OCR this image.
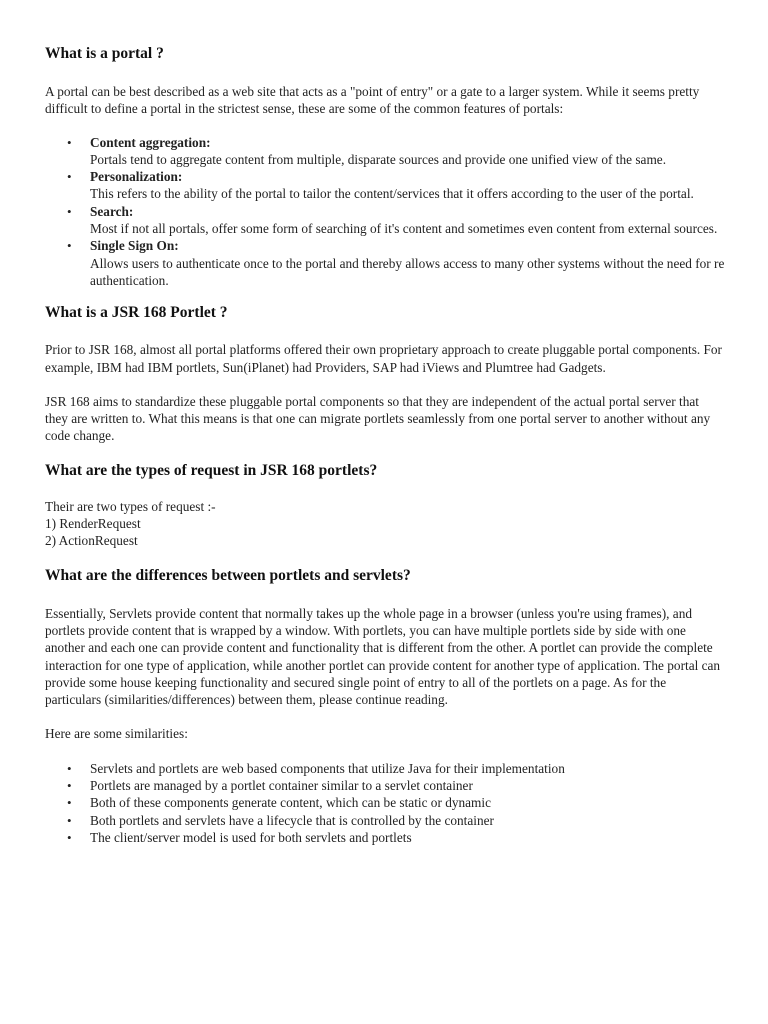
What is a portal ?

A portal can be best described as a web site that acts as a "point of entry" or a gate to a larger system. While it seems pretty difficult to define a portal in the strictest sense, these are some of the common features of portals:

• Content aggregation:
Portals tend to aggregate content from multiple, disparate sources and provide one unified view of the same.
• Personalization:
This refers to the ability of the portal to tailor the content/services that it offers according to the user of the portal.
• Search:
Most if not all portals, offer some form of searching of it's content and sometimes even content from external sources.
• Single Sign On:
Allows users to authenticate once to the portal and thereby allows access to many other systems without the need for re authentication.
What is a JSR 168 Portlet ?

Prior to JSR 168, almost all portal platforms offered their own proprietary approach to create pluggable portal components. For example, IBM had IBM portlets, Sun(iPlanet) had Providers, SAP had iViews and Plumtree had Gadgets.

JSR 168 aims to standardize these pluggable portal components so that they are independent of the actual portal server that they are written to. What this means is that one can migrate portlets seamlessly from one portal server to another without any code change.

What are the types of request in JSR 168 portlets?

Their are two types of request :-
1) RenderRequest
2) ActionRequest

What are the differences between portlets and servlets?

Essentially, Servlets provide content that normally takes up the whole page in a browser (unless you're using frames), and portlets provide content that is wrapped by a window. With portlets, you can have multiple portlets side by side with one another and each one can provide content and functionality that is different from the other. A portlet can provide the complete interaction for one type of application, while another portlet can provide content for another type of application. The portal can provide some house keeping functionality and secured single point of entry to all of the portlets on a page. As for the particulars (similarities/differences) between them, please continue reading.

Here are some similarities:

• Servlets and portlets are web based components that utilize Java for their implementation
• Portlets are managed by a portlet container similar to a servlet container
• Both of these components generate content, which can be static or dynamic
• Both portlets and servlets have a lifecycle that is controlled by the container
• The client/server model is used for both servlets and portlets
